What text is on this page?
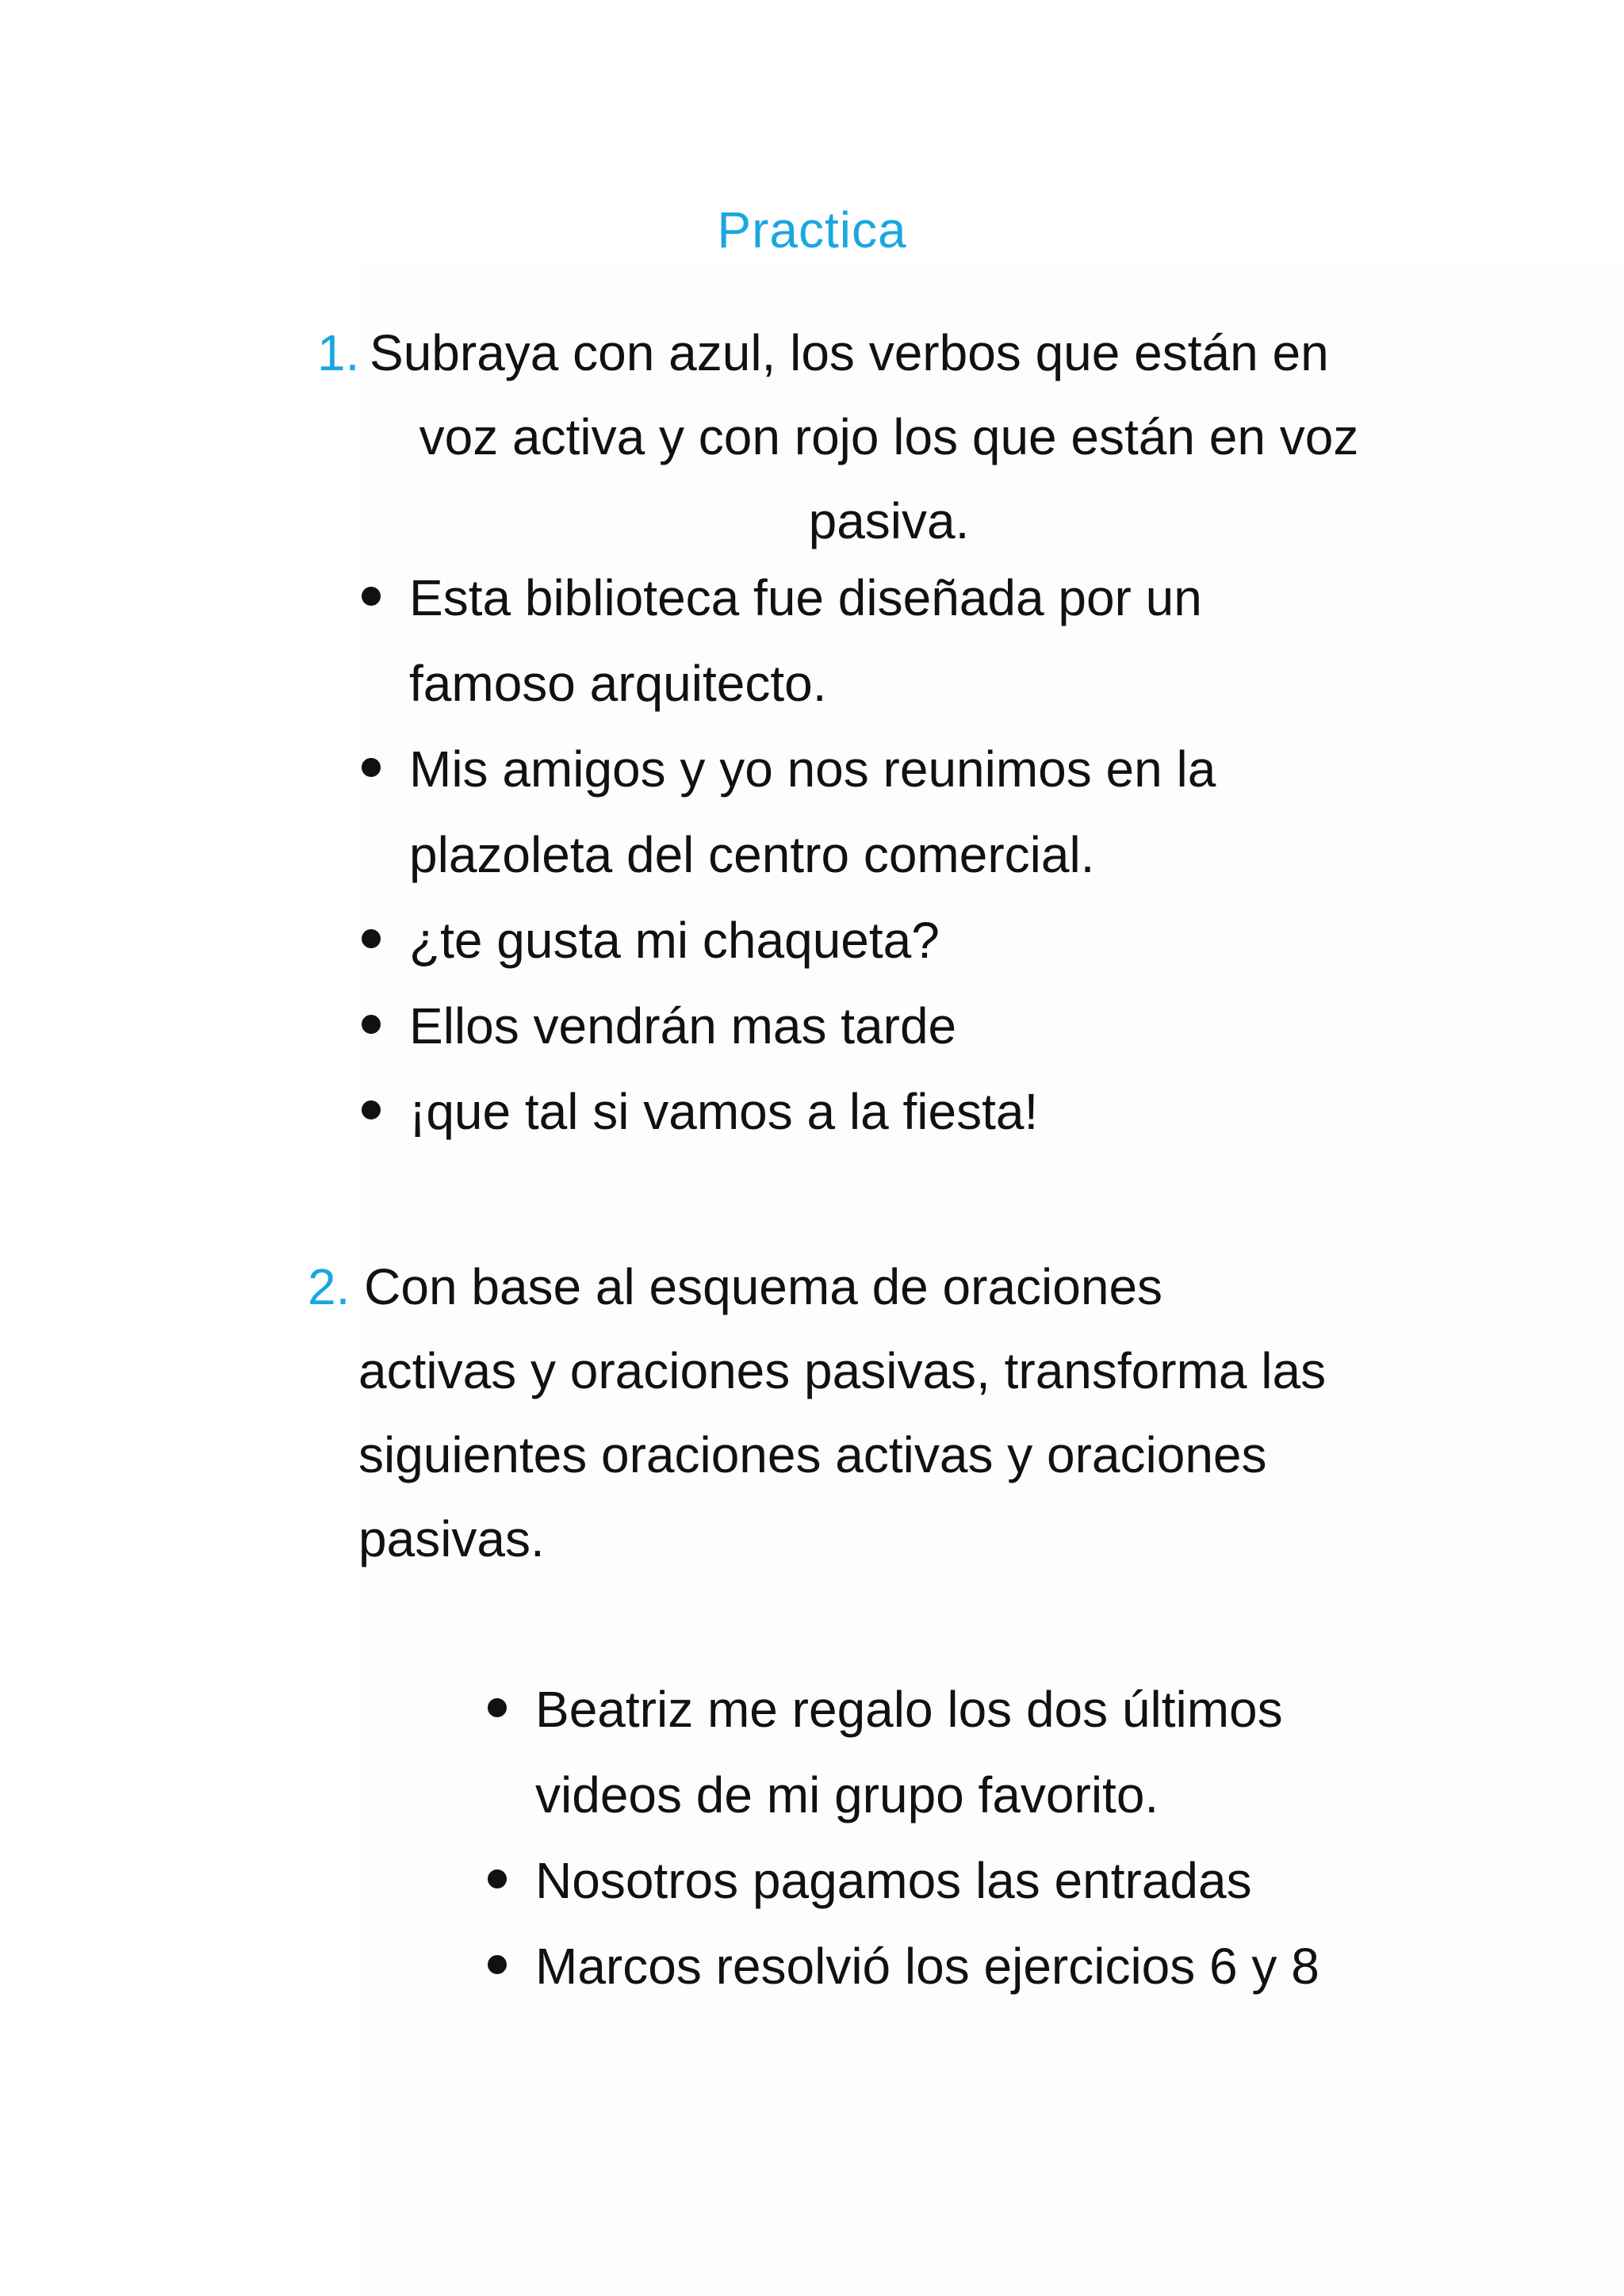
Practica
1. Subraya con azul, los verbos que están en
voz activa y con rojo los que están en voz
pasiva.
Esta biblioteca fue diseñada por un
famoso arquitecto.
Mis amigos y yo nos reunimos en la
plazoleta del centro comercial.
¿te gusta mi chaqueta?
Ellos vendrán mas tarde
¡que tal si vamos a la fiesta!
2. Con base al esquema de oraciones
activas y oraciones pasivas, transforma las
siguientes oraciones activas y oraciones
pasivas.
Beatriz me regalo los dos últimos
videos de mi grupo favorito.
Nosotros pagamos las entradas
Marcos resolvió los ejercicios 6 y 8
